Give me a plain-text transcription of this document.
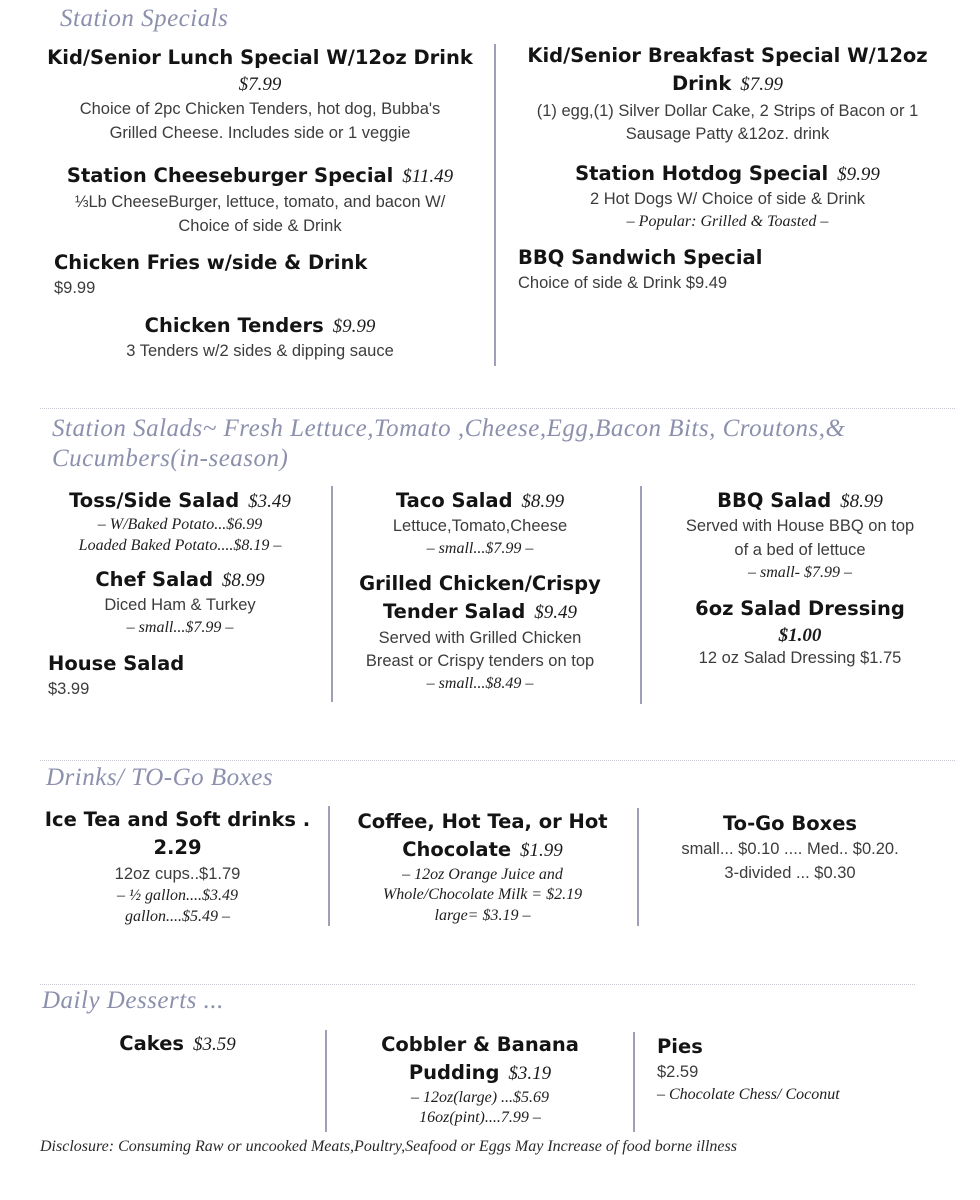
Station Specials
Kid/Senior Lunch Special W/12oz Drink
$7.99
Choice of 2pc Chicken Tenders, hot dog, Bubba's
Grilled Cheese. Includes side or 1 veggie
Kid/Senior Breakfast Special W/12oz
Drink $7.99
(1) egg,(1) Silver Dollar Cake, 2 Strips of Bacon or 1
Sausage Patty &12oz. drink
Station Cheeseburger Special $11.49
⅓Lb CheeseBurger, lettuce, tomato, and bacon W/
Choice of side & Drink
Station Hotdog Special $9.99
2 Hot Dogs W/ Choice of side & Drink
– Popular: Grilled & Toasted –
Chicken Fries w/side & Drink
$9.99
BBQ Sandwich Special
Choice of side & Drink $9.49
Chicken Tenders $9.99
3 Tenders w/2 sides & dipping sauce
Station Salads~ Fresh Lettuce,Tomato ,Cheese,Egg,Bacon Bits, Croutons,&
Cucumbers(in-season)
Toss/Side Salad $3.49
– W/Baked Potato...$6.99
Loaded Baked Potato....$8.19 –
Chef Salad $8.99
Diced Ham & Turkey
– small...$7.99 –
House Salad
$3.99
Taco Salad $8.99
Lettuce,Tomato,Cheese
– small...$7.99 –
Grilled Chicken/Crispy
Tender Salad $9.49
Served with Grilled Chicken
Breast or Crispy tenders on top
– small...$8.49 –
BBQ Salad $8.99
Served with House BBQ on top
of a bed of lettuce
– small- $7.99 –
6oz Salad Dressing
$1.00
12 oz Salad Dressing $1.75
Drinks/ TO-Go Boxes
Ice Tea and Soft drinks .
2.29
12oz cups..$1.79
– ½ gallon....$3.49
gallon....$5.49 –
Coffee, Hot Tea, or Hot
Chocolate $1.99
– 12oz Orange Juice and
Whole/Chocolate Milk = $2.19
large= $3.19 –
To-Go Boxes
small... $0.10 .... Med.. $0.20.
3-divided ... $0.30
Daily Desserts ...
Cakes $3.59	Cobbler & Banana
Pudding $3.19
– 12oz(large) ...$5.69
16oz(pint)....7.99 –
Pies
$2.59
– Chocolate Chess/ Coconut
Disclosure: Consuming Raw or uncooked Meats,Poultry,Seafood or Eggs May Increase of food borne illness
